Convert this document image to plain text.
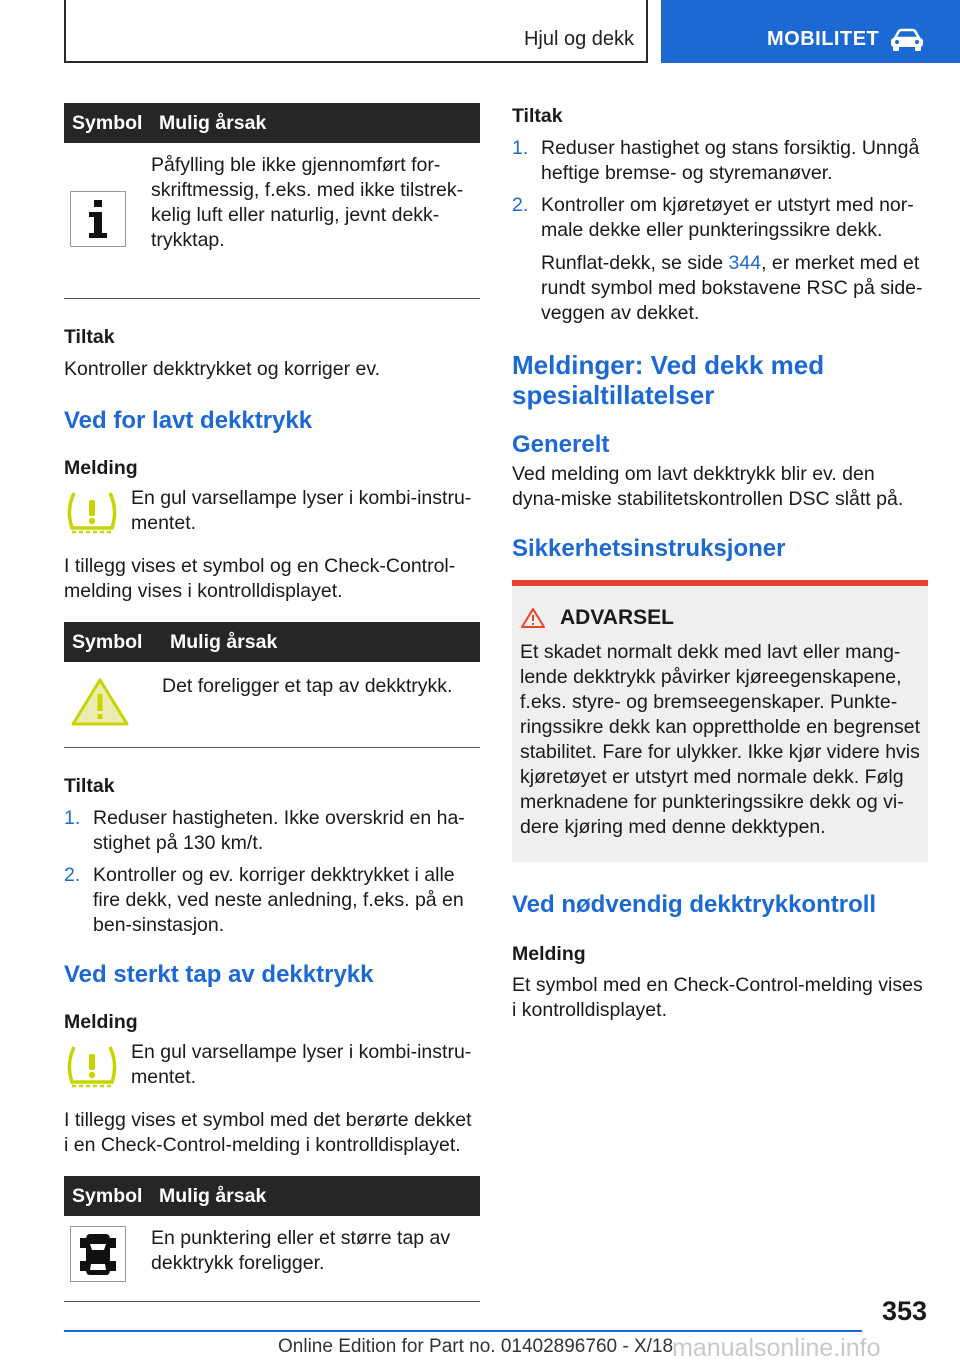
Hjul og dekk	MOBILITET
Symbol	Mulig årsak
	Påfylling ble ikke gjennomført for-skriftmessig, f.eks. med ikke tilstrek-kelig luft eller naturlig, jevnt dekk-trykktap.

Tiltak

Kontroller dekktrykket og korriger ev.

Ved for lavt dekktrykk

Melding

En gul varsellampe lyser i kombi-instru-mentet.

I tillegg vises et symbol og en Check-Control-melding vises i kontrolldisplayet.

Symbol	Mulig årsak
	Det foreligger et tap av dekktrykk.

Tiltak

1. Reduser hastigheten. Ikke overskrid en ha-stighet på 130 km/t.
2. Kontroller og ev. korriger dekktrykket i alle fire dekk, ved neste anledning, f.eks. på en ben-sinstasjon.

Ved sterkt tap av dekktrykk

Melding

En gul varsellampe lyser i kombi-instru-mentet.

I tillegg vises et symbol med det berørte dekket i en Check-Control-melding i kontrolldisplayet.

Symbol	Mulig årsak
	En punktering eller et større tap av dekktrykk foreligger.

Tiltak

1. Reduser hastighet og stans forsiktig. Unngå heftige bremse- og styremanøver.
2. Kontroller om kjøretøyet er utstyrt med nor-male dekke eller punkteringssikre dekk.

Runflat-dekk, se side 344, er merket med et rundt symbol med bokstavene RSC på side-veggen av dekket.

Meldinger: Ved dekk med spesialtillatelser

Generelt

Ved melding om lavt dekktrykk blir ev. den dyna-miske stabilitetskontrollen DSC slått på.

Sikkerhetsinstruksjoner

ADVARSEL
Et skadet normalt dekk med lavt eller mang-lende dekktrykk påvirker kjøreegenskapene, f.eks. styre- og bremseegenskaper. Punkte-ringssikre dekk kan opprettholde en begrenset stabilitet. Fare for ulykker. Ikke kjør videre hvis kjøretøyet er utstyrt med normale dekk. Følg merknadene for punkteringssikre dekk og vi-dere kjøring med denne dekktypen.

Ved nødvendig dekktrykkontroll

Melding

Et symbol med en Check-Control-melding vises i kontrolldisplayet.

353
Online Edition for Part no. 01402896760 - X/18
manualsonline.info
